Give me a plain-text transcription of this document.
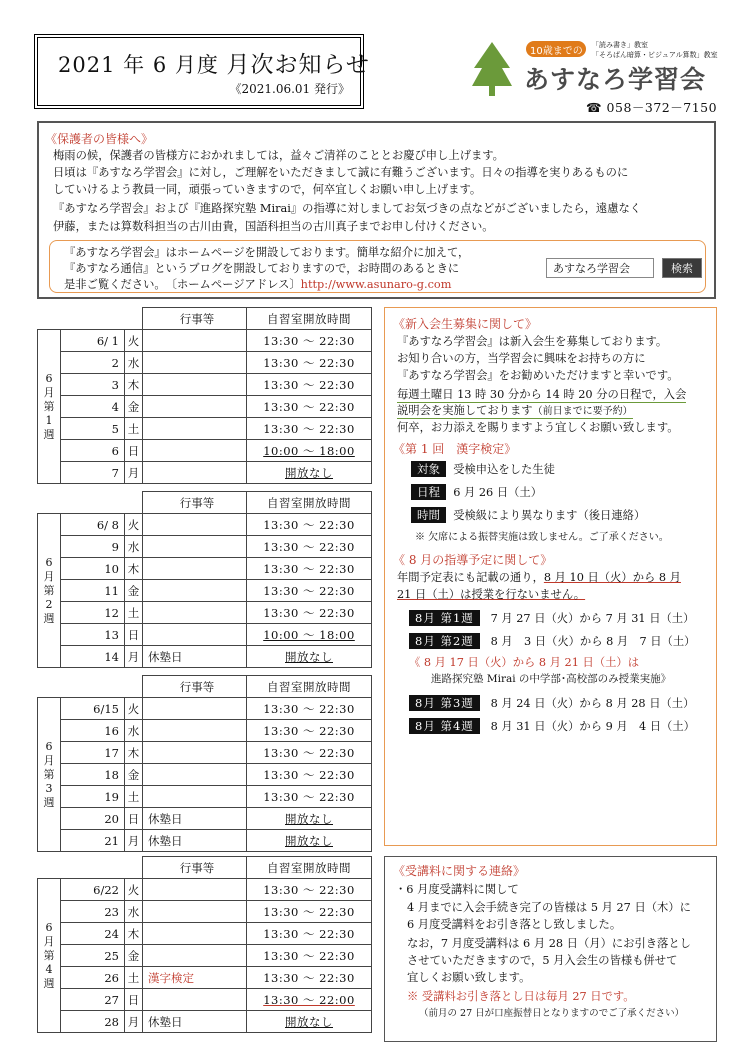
2021 年 6 月度 月次お知らせ
《2021.06.01 発行》
10歳までの
「読み書き」教室
「そろばん暗算・ビジュアル算数」教室
あすなろ学習会
☎ 058－372－7150
《保護者の皆様へ》
梅雨の候，保護者の皆様方におかれましては，益々ご清祥のこととお慶び申し上げます。
日頃は『あすなろ学習会』に対し，ご理解をいただきまして誠に有難うございます。日々の指導を実りあるものに
していけるよう教員一同，頑張っていきますので，何卒宜しくお願い申し上げます。
『あすなろ学習会』および『進路探究塾 Mirai』の指導に対しましてお気づきの点などがございましたら，遠慮なく
伊藤，または算数科担当の古川由貴，国語科担当の古川真子までお申し付けください。
『あすなろ学習会』はホームページを開設しております。簡単な紹介に加えて，
『あすなろ通信』というブログを開設しておりますので，お時間のあるときに
是非ご覧ください。　〔ホームページアドレス〕http://www.asunaro-g.com
あすなろ学習会	検索
			行事等	自習室開放時間

6
月
第
1
週	6/ 1	火		13:30 ～ 22:30
	2	水		13:30 ～ 22:30
	3	木		13:30 ～ 22:30
	4	金		13:30 ～ 22:30
	5	土		13:30 ～ 22:30
	6	日		10:00 ～ 18:00
	7	月		開放なし
			行事等	自習室開放時間

6
月
第
2
週	6/ 8	火		13:30 ～ 22:30
	9	水		13:30 ～ 22:30
	10	木		13:30 ～ 22:30
	11	金		13:30 ～ 22:30
	12	土		13:30 ～ 22:30
	13	日		10:00 ～ 18:00
	14	月	休塾日	開放なし
			行事等	自習室開放時間

6
月
第
3
週	6/15	火		13:30 ～ 22:30
	16	水		13:30 ～ 22:30
	17	木		13:30 ～ 22:30
	18	金		13:30 ～ 22:30
	19	土		13:30 ～ 22:30
	20	日	休塾日	開放なし
	21	月	休塾日	開放なし
			行事等	自習室開放時間

6
月
第
4
週	6/22	火		13:30 ～ 22:30
	23	水		13:30 ～ 22:30
	24	木		13:30 ～ 22:30
	25	金		13:30 ～ 22:30
	26	土	漢字検定	13:30 ～ 22:30
	27	日		13:30 ～ 22:00
	28	月	休塾日	開放なし
《新入会生募集に関して》
『あすなろ学習会』は新入会生を募集しております。
お知り合いの方，当学習会に興味をお持ちの方に
『あすなろ学習会』をお勧めいただけますと幸いです。
毎週土曜日 13 時 30 分から 14 時 20 分の日程で，入会
説明会を実施しております（前日までに要予約）
何卒，お力添えを賜りますよう宜しくお願い致します。
《第 1 回　漢字検定》
対象 受検申込をした生徒
日程 6 月 26 日（土）
時間 受検級により異なります（後日連絡）
※ 欠席による振替実施は致しません。ご了承ください。
《 8 月の指導予定に関して》
年間予定表にも記載の通り，8 月 10 日（火）から 8 月
21 日（土）は授業を行ないません。
8月 第1週 7 月 27 日（火）から 7 月 31 日（土）
8月 第2週 8 月　3 日（火）から 8 月　7 日（土）
《 8 月 17 日（火）から 8 月 21 日（土）は
進路探究塾 Mirai の中学部･高校部のみ授業実施》
8月 第3週 8 月 24 日（火）から 8 月 28 日（土）
8月 第4週 8 月 31 日（火）から 9 月　4 日（土）
《受講料に関する連絡》
・6 月度受講料に関して
4 月までに入会手続き完了の皆様は 5 月 27 日（木）に
6 月度受講料をお引き落とし致しました。
なお，7 月度受講料は 6 月 28 日（月）にお引き落とし
させていただきますので，5 月入会生の皆様も併せて
宜しくお願い致します。
※ 受講料お引き落とし日は毎月 27 日です。
（前月の 27 日が口座振替日となりますのでご了承ください）
